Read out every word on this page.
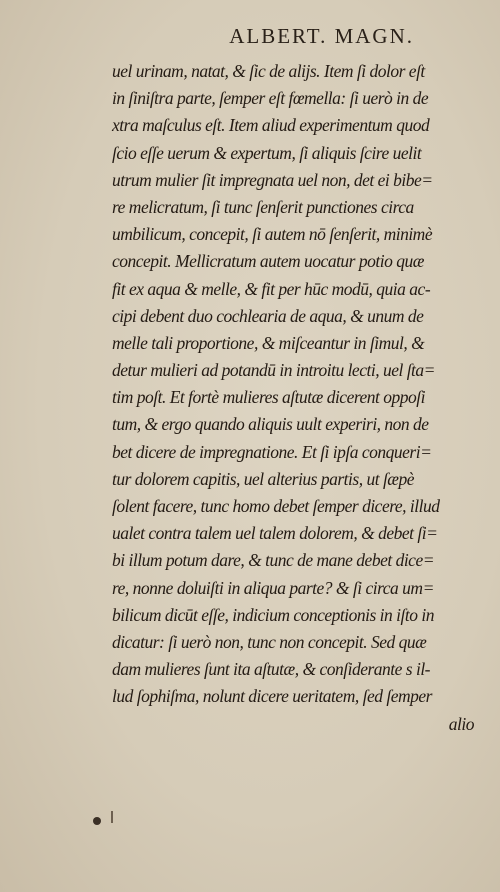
ALBERT. MAGN.
uel urinam, natat, & ſic de alijs. Item ſi dolor eſt
in ſiniſtra parte, ſemper eſt fœmella: ſi uerò in de
xtra maſculus eſt. Item aliud experimentum quod
ſcio eſſe uerum & expertum, ſi aliquis ſcire uelit
utrum mulier ſit impregnata uel non, det ei bibe=
re melicratum, ſi tunc ſenſerit punctiones circa
umbilicum, concepit, ſi autem nō ſenſerit, minimè
concepit. Mellicratum autem uocatur potio quæ
fit ex aqua & melle, & fit per hūc modū, quia ac-
cipi debent duo cochlearia de aqua, & unum de
melle tali proportione, & miſceantur in ſimul, &
detur mulieri ad potandū in introitu lecti, uel ſta=
tim poſt. Et fortè mulieres aſtutæ dicerent oppoſi
tum, & ergo quando aliquis uult experiri, non de
bet dicere de impregnatione. Et ſi ipſa conqueri=
tur dolorem capitis, uel alterius partis, ut ſæpè
ſolent facere, tunc homo debet ſemper dicere, illud
ualet contra talem uel talem dolorem, & debet ſi=
bi illum potum dare, & tunc de mane debet dice=
re, nonne doluiſti in aliqua parte? & ſi circa um=
bilicum dicūt eſſe, indicium conceptionis in iſto in
dicatur: ſi uerò non, tunc non concepit. Sed quæ
dam mulieres ſunt ita aſtutæ, & conſiderante s il-
lud ſophiſma, nolunt dicere ueritatem, ſed ſemper
alio
